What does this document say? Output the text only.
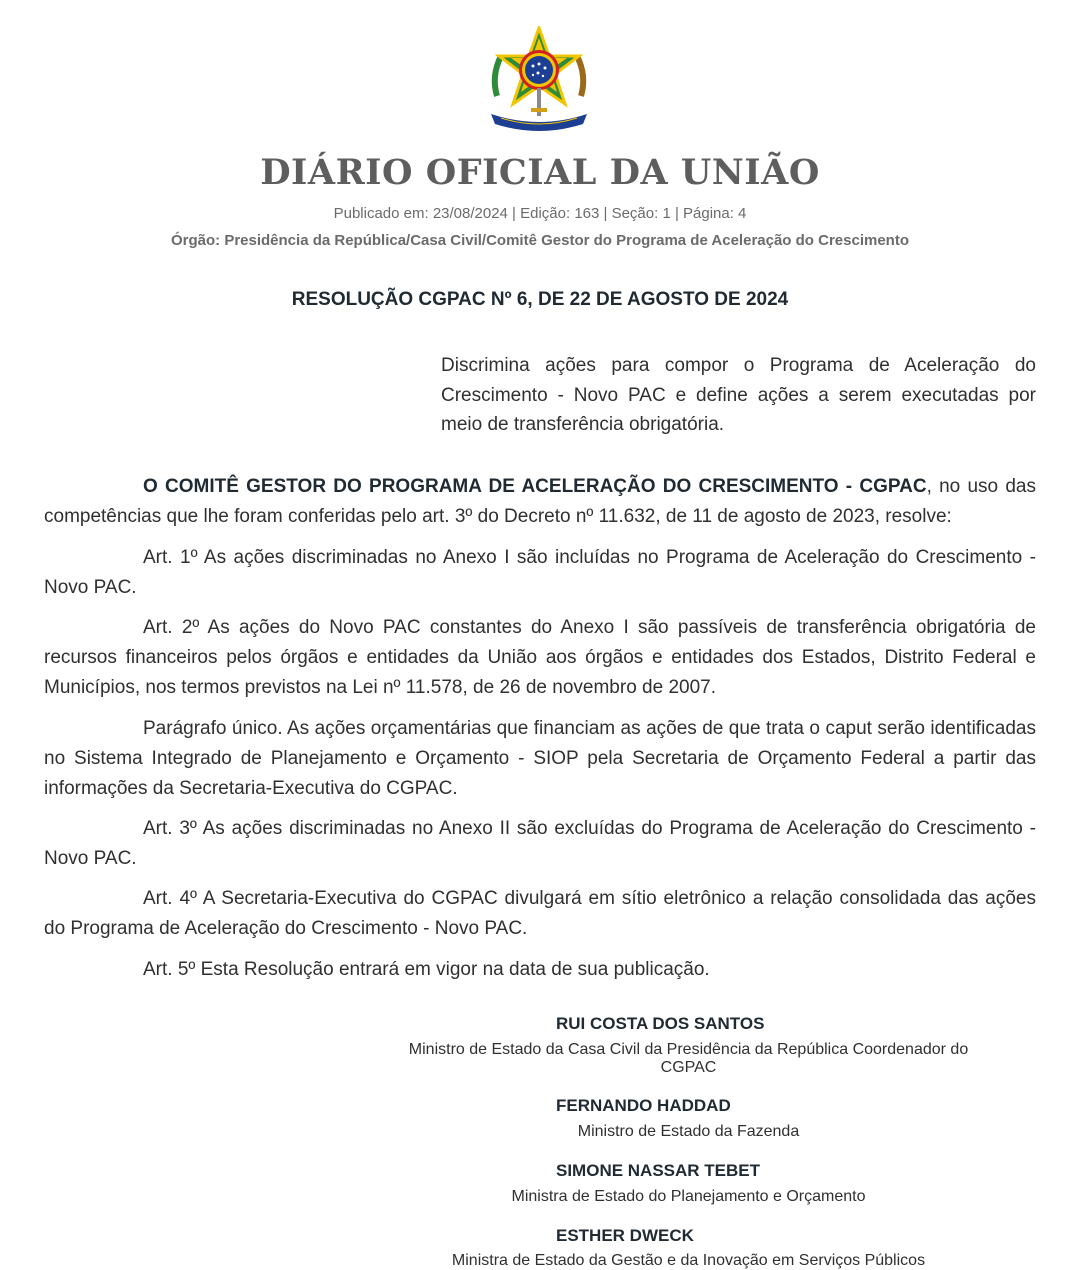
DIÁRIO OFICIAL DA UNIÃO
Publicado em: 23/08/2024 | Edição: 163 | Seção: 1 | Página: 4
Órgão: Presidência da República/Casa Civil/Comitê Gestor do Programa de Aceleração do Crescimento
RESOLUÇÃO CGPAC Nº 6, DE 22 DE AGOSTO DE 2024
Discrimina ações para compor o Programa de Aceleração do Crescimento - Novo PAC e define ações a serem executadas por meio de transferência obrigatória.

O COMITÊ GESTOR DO PROGRAMA DE ACELERAÇÃO DO CRESCIMENTO - CGPAC, no uso das competências que lhe foram conferidas pelo art. 3º do Decreto nº 11.632, de 11 de agosto de 2023, resolve:

Art. 1º As ações discriminadas no Anexo I são incluídas no Programa de Aceleração do Crescimento - Novo PAC.

Art. 2º As ações do Novo PAC constantes do Anexo I são passíveis de transferência obrigatória de recursos financeiros pelos órgãos e entidades da União aos órgãos e entidades dos Estados, Distrito Federal e Municípios, nos termos previstos na Lei nº 11.578, de 26 de novembro de 2007.

Parágrafo único. As ações orçamentárias que financiam as ações de que trata o caput serão identificadas no Sistema Integrado de Planejamento e Orçamento - SIOP pela Secretaria de Orçamento Federal a partir das informações da Secretaria-Executiva do CGPAC.

Art. 3º As ações discriminadas no Anexo II são excluídas do Programa de Aceleração do Crescimento - Novo PAC.

Art. 4º A Secretaria-Executiva do CGPAC divulgará em sítio eletrônico a relação consolidada das ações do Programa de Aceleração do Crescimento - Novo PAC.

Art. 5º Esta Resolução entrará em vigor na data de sua publicação.

RUI COSTA DOS SANTOS
Ministro de Estado da Casa Civil da Presidência da República Coordenador do
CGPAC
FERNANDO HADDAD
Ministro de Estado da Fazenda
SIMONE NASSAR TEBET
Ministra de Estado do Planejamento e Orçamento
ESTHER DWECK
Ministra de Estado da Gestão e da Inovação em Serviços Públicos
